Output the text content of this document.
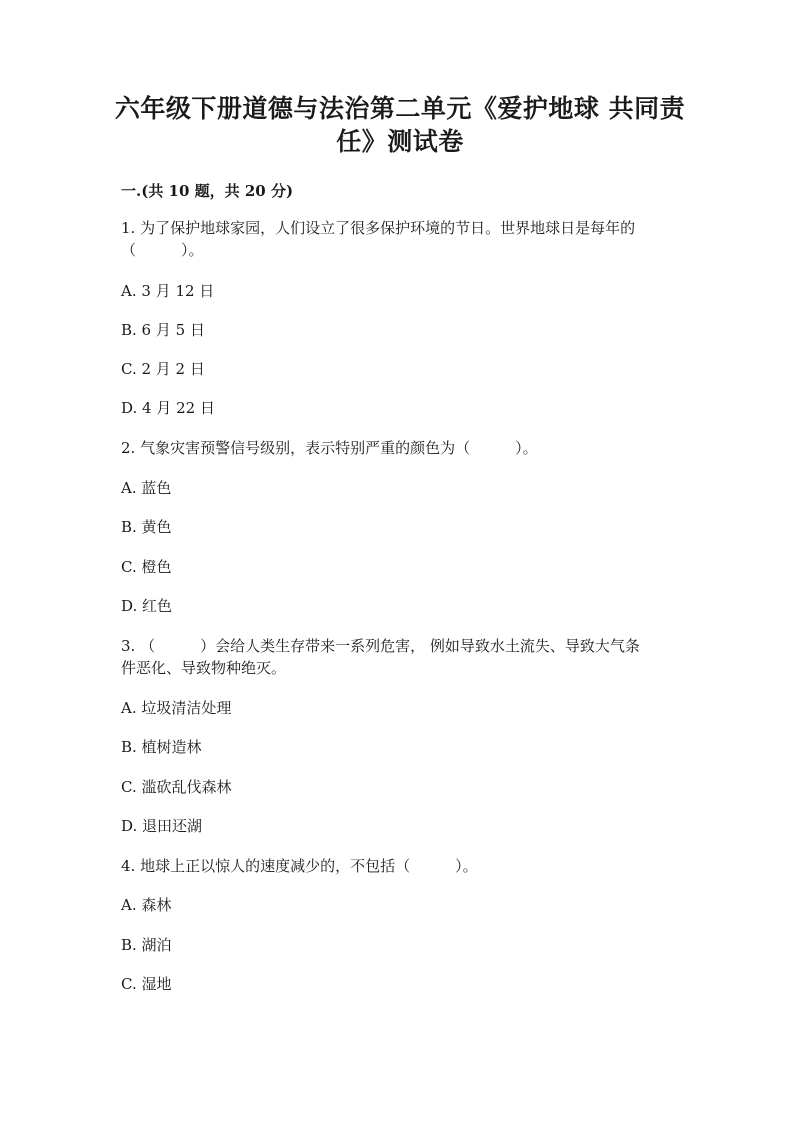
六年级下册道德与法治第二单元《爱护地球 共同责
任》测试卷
一.(共 10 题，共 20 分)
1. 为了保护地球家园，人们设立了很多保护环境的节日。世界地球日是每年的
（　　　）。
A. 3 月 12 日
B. 6 月 5 日
C. 2 月 2 日
D. 4 月 22 日
2. 气象灾害预警信号级别，表示特别严重的颜色为（　　　）。
A. 蓝色
B. 黄色
C. 橙色
D. 红色
3. （　　　）会给人类生存带来一系列危害， 例如导致水土流失、导致大气条
件恶化、导致物种绝灭。
A. 垃圾清洁处理
B. 植树造林
C. 滥砍乱伐森林
D. 退田还湖
4. 地球上正以惊人的速度减少的，不包括（　　　）。
A. 森林
B. 湖泊
C. 湿地
